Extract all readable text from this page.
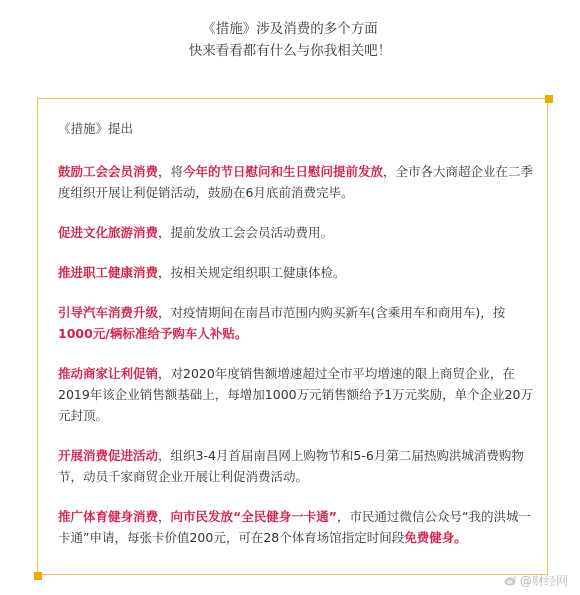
《措施》涉及消费的多个方面
快来看看都有什么与你我相关吧！
《措施》提出
鼓励工会会员消费，将今年的节日慰问和生日慰问提前发放，全市各大商超企业在二季度组织开展让利促销活动，鼓励在6月底前消费完毕。
促进文化旅游消费，提前发放工会会员活动费用。
推进职工健康消费，按相关规定组织职工健康体检。
引导汽车消费升级，对疫情期间在南昌市范围内购买新车(含乘用车和商用车)，按1000元/辆标准给予购车人补贴。
推动商家让利促销，对2020年度销售额增速超过全市平均增速的限上商贸企业，在2019年该企业销售额基础上，每增加1000万元销售额给予1万元奖励，单个企业20万元封顶。
开展消费促进活动，组织3-4月首届南昌网上购物节和5-6月第二届热购洪城消费购物节，动员千家商贸企业开展让利促消费活动。
推广体育健身消费，向市民发放“全民健身一卡通”，市民通过微信公众号“我的洪城一卡通”申请，每张卡价值200元，可在28个体育场馆指定时间段免费健身。
@财经网
